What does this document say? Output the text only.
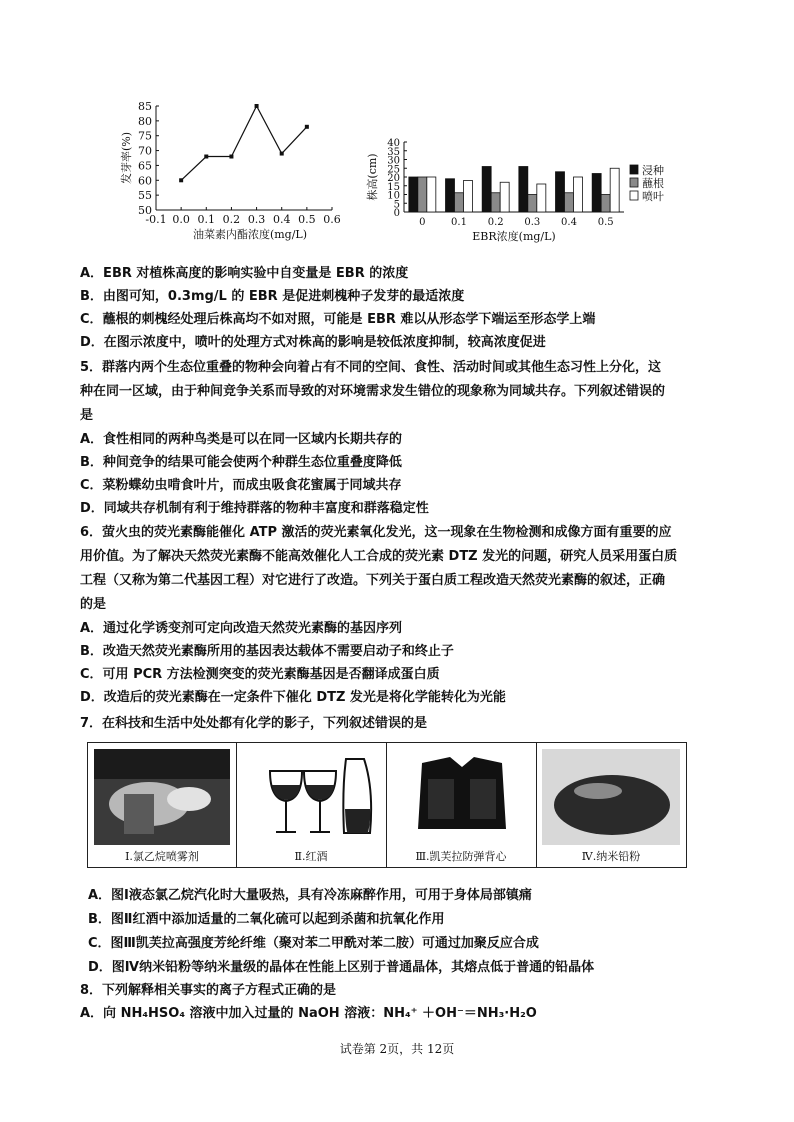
50
55
60
65
70
75
80
85
-0.1 0.0 0.1 0.2 0.3 0.4 0.5 0.6
油菜素内酯浓度(mg/L)
发芽率(%)
0
5
10
15
20
25
30
35
40
0	0.1 0.2 0.3 0.4 0.5
EBR浓度(mg/L)
株高(cm)	浸种
蘸根
喷叶
A．EBR 对植株高度的影响实验中自变量是 EBR 的浓度
B．由图可知，0.3mg/L 的 EBR 是促进刺槐种子发芽的最适浓度
C．蘸根的刺槐经处理后株高均不如对照，可能是 EBR 难以从形态学下端运至形态学上端
D．在图示浓度中，喷叶的处理方式对株高的影响是较低浓度抑制，较高浓度促进
5．群落内两个生态位重叠的物种会向着占有不同的空间、食性、活动时间或其他生态习性上分化，这
种在同一区域，由于种间竞争关系而导致的对环境需求发生错位的现象称为同域共存。下列叙述错误的
是
A．食性相同的两种鸟类是可以在同一区域内长期共存的
B．种间竞争的结果可能会使两个种群生态位重叠度降低
C．菜粉蝶幼虫啃食叶片，而成虫吸食花蜜属于同域共存
D．同域共存机制有利于维持群落的物种丰富度和群落稳定性
6．萤火虫的荧光素酶能催化 ATP 激活的荧光素氧化发光，这一现象在生物检测和成像方面有重要的应
用价值。为了解决天然荧光素酶不能高效催化人工合成的荧光素 DTZ 发光的问题，研究人员采用蛋白质
工程（又称为第二代基因工程）对它进行了改造。下列关于蛋白质工程改造天然荧光素酶的叙述，正确
的是
A．通过化学诱变剂可定向改造天然荧光素酶的基因序列
B．改造天然荧光素酶所用的基因表达载体不需要启动子和终止子
C．可用 PCR 方法检测突变的荧光素酶基因是否翻译成蛋白质
D．改造后的荧光素酶在一定条件下催化 DTZ 发光是将化学能转化为光能
7．在科技和生活中处处都有化学的影子，下列叙述错误的是
Ⅰ.氯乙烷喷雾剂	Ⅱ.红酒	Ⅲ.凯芙拉防弹背心	Ⅳ.纳米铅粉
A．图Ⅰ液态氯乙烷汽化时大量吸热，具有冷冻麻醉作用，可用于身体局部镇痛
B．图Ⅱ红酒中添加适量的二氧化硫可以起到杀菌和抗氧化作用
C．图Ⅲ凯芙拉高强度芳纶纤维（聚对苯二甲酰对苯二胺）可通过加聚反应合成
D．图Ⅳ纳米铅粉等纳米量级的晶体在性能上区别于普通晶体，其熔点低于普通的铅晶体
8．下列解释相关事实的离子方程式正确的是
A．向 NH₄HSO₄ 溶液中加入过量的 NaOH 溶液：NH₄⁺ ＋OH⁻＝NH₃·H₂O
试卷第 2页，共 12页
